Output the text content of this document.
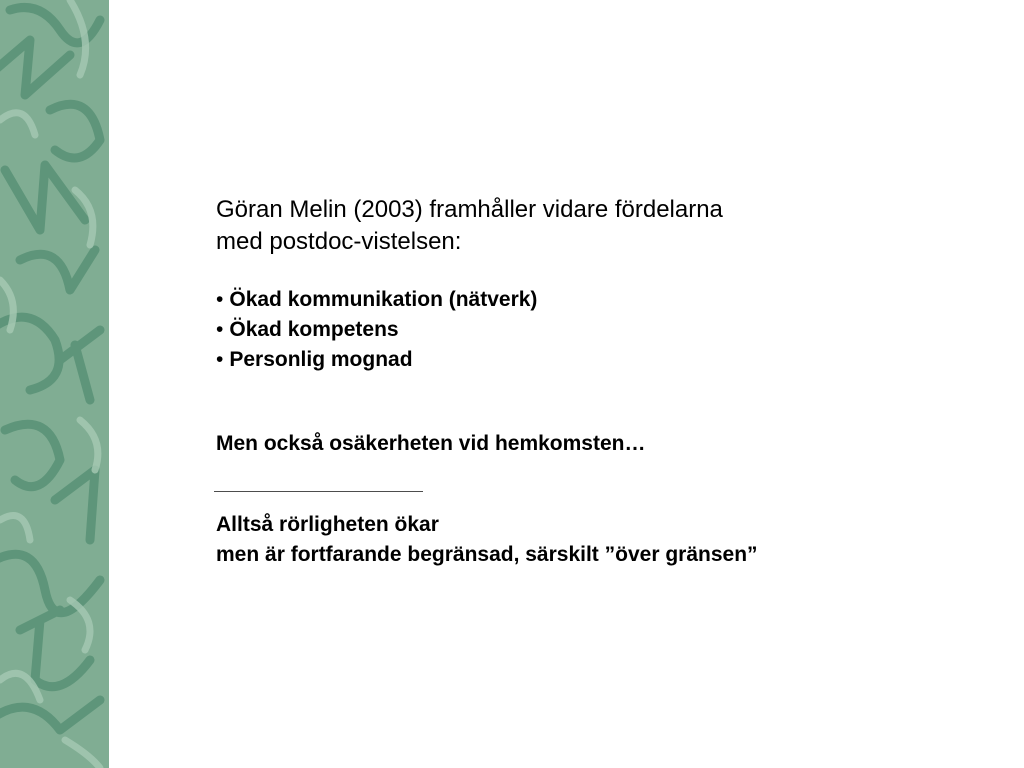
Göran Melin (2003) framhåller vidare fördelarna
med postdoc-vistelsen:

• Ökad kommunikation (nätverk)
• Ökad kompetens
• Personlig mognad

Men också osäkerheten vid hemkomsten…

Alltså rörligheten ökar
men är fortfarande begränsad, särskilt ”över gränsen”
